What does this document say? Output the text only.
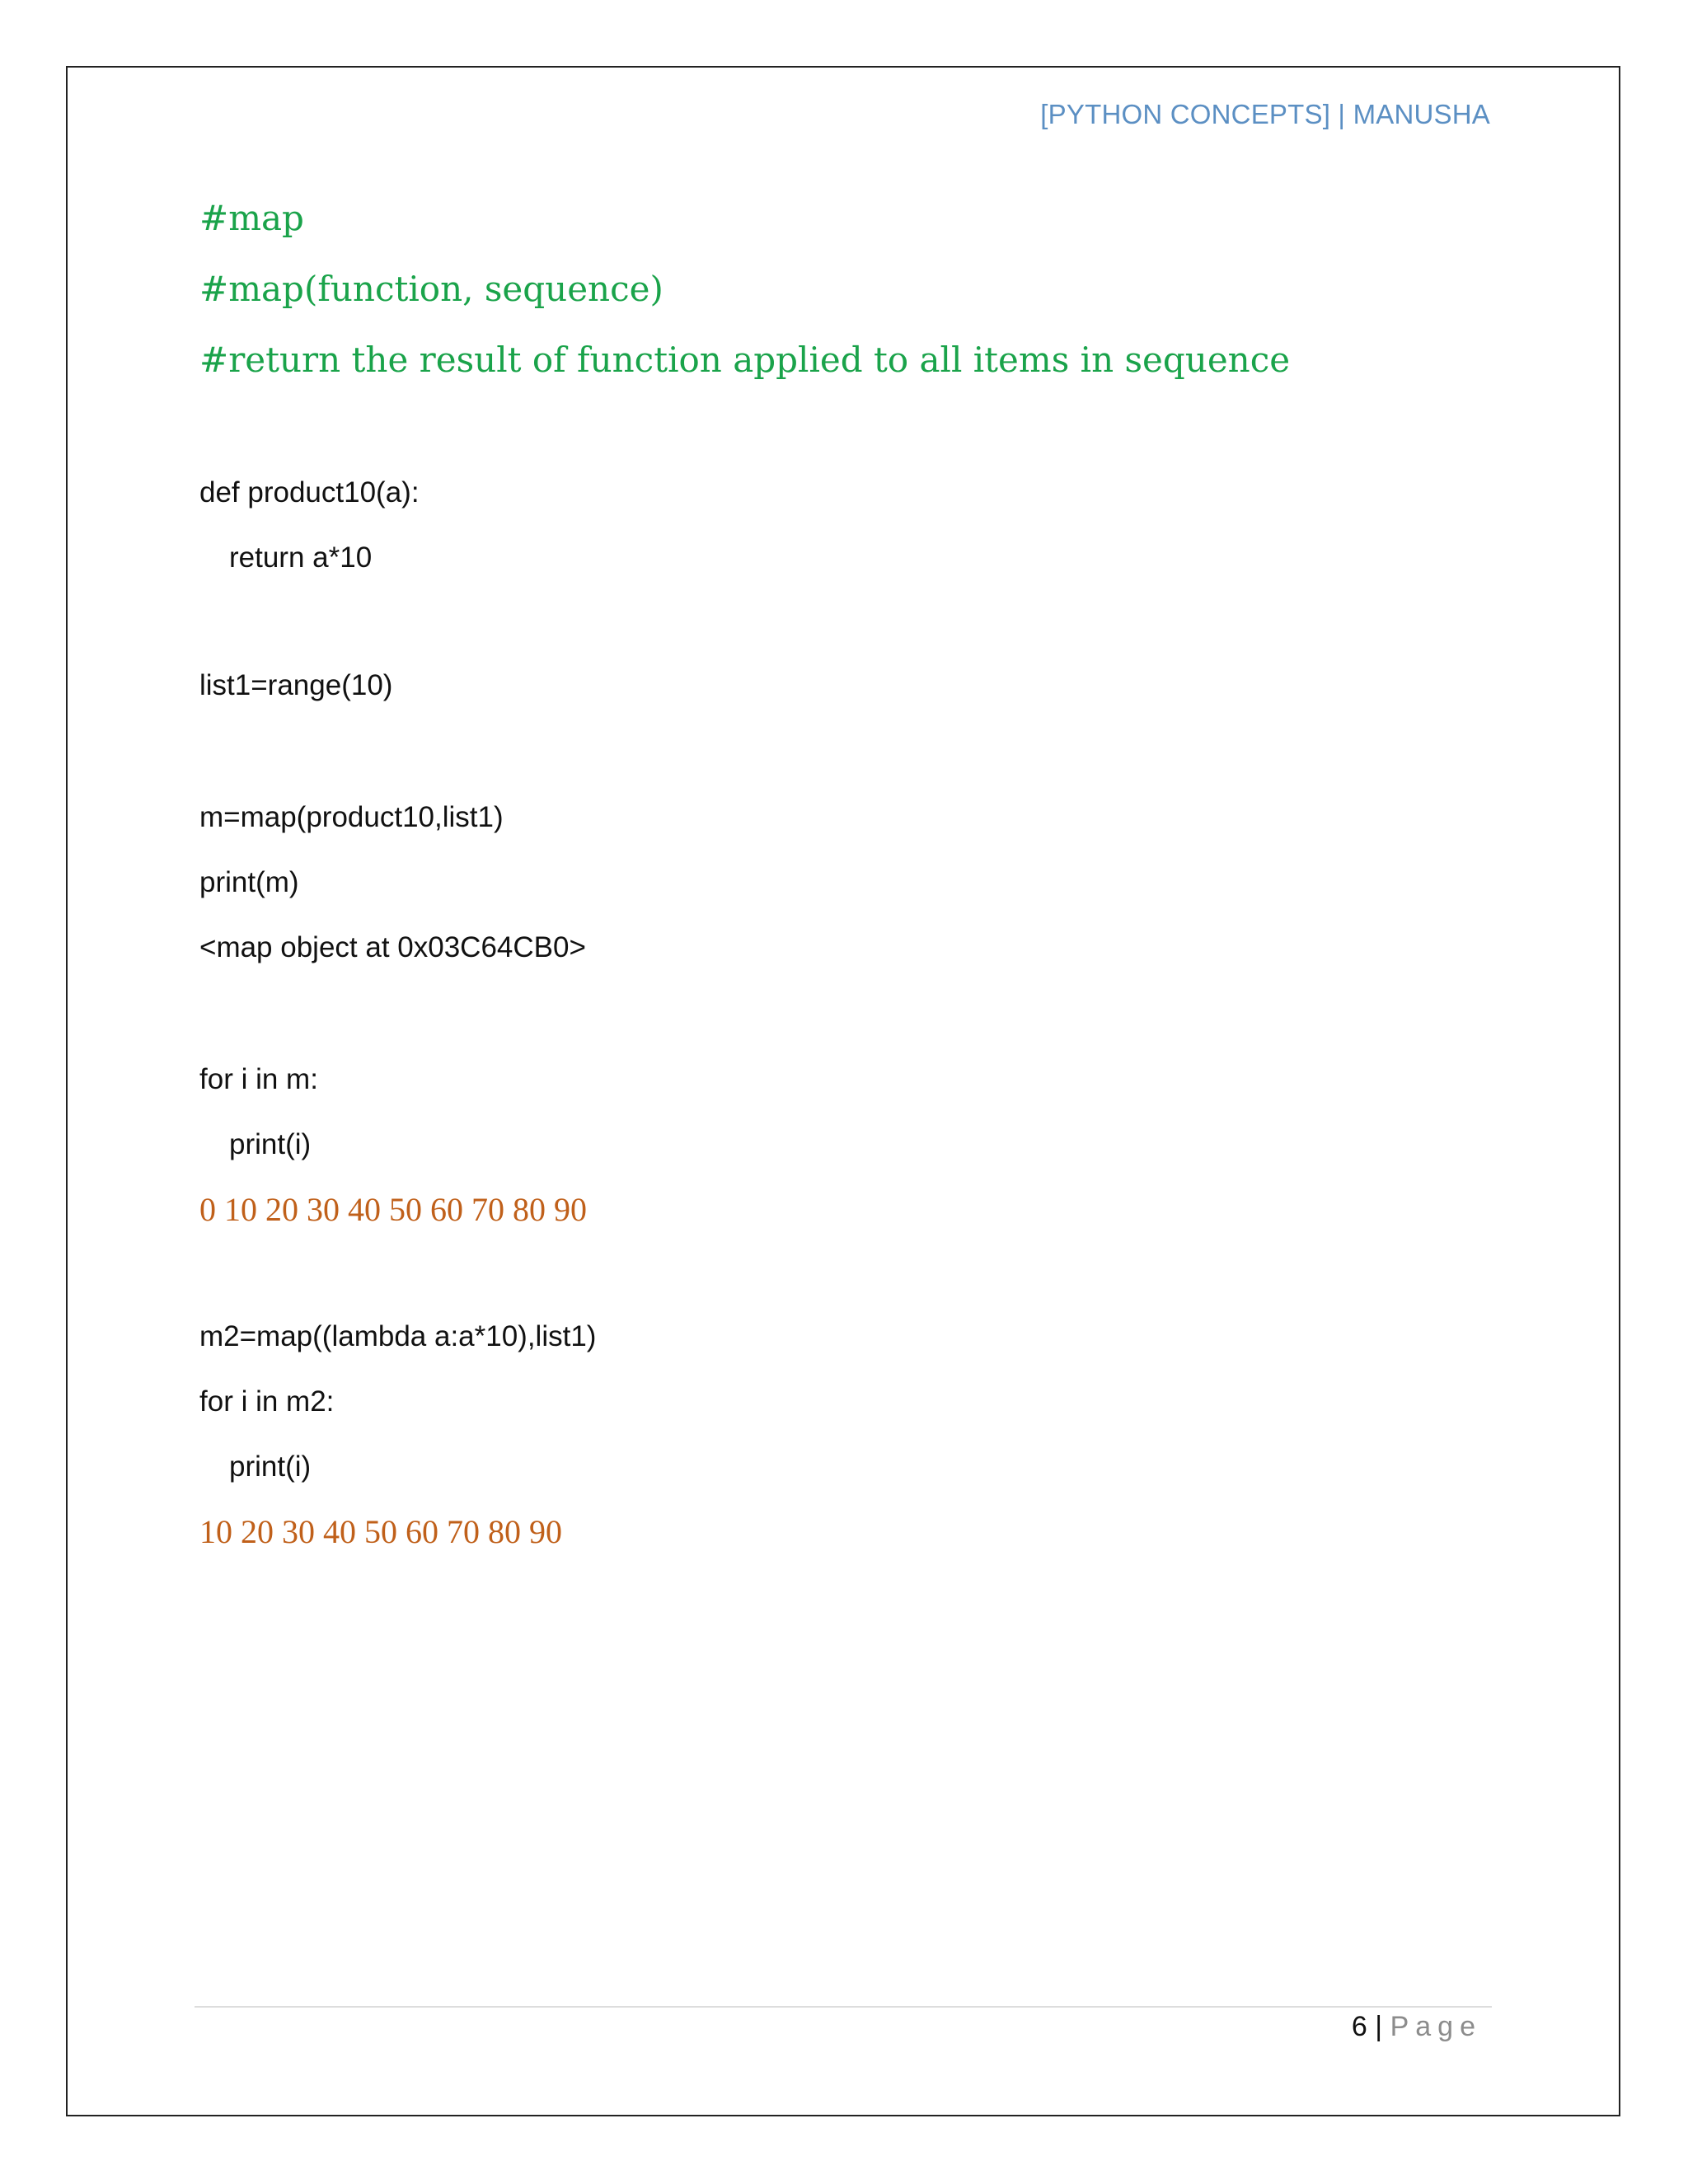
[PYTHON CONCEPTS] | MANUSHA
#map
#map(function, sequence)
#return the result of function applied to all items in sequence
def product10(a):
return a*10
list1=range(10)
m=map(product10,list1)
print(m)
<map object at 0x03C64CB0>
for i in m:
print(i)
0 10 20 30 40 50 60 70 80 90
m2=map((lambda a:a*10),list1)
for i in m2:
print(i)
10 20 30 40 50 60 70 80 90
6 | Page
